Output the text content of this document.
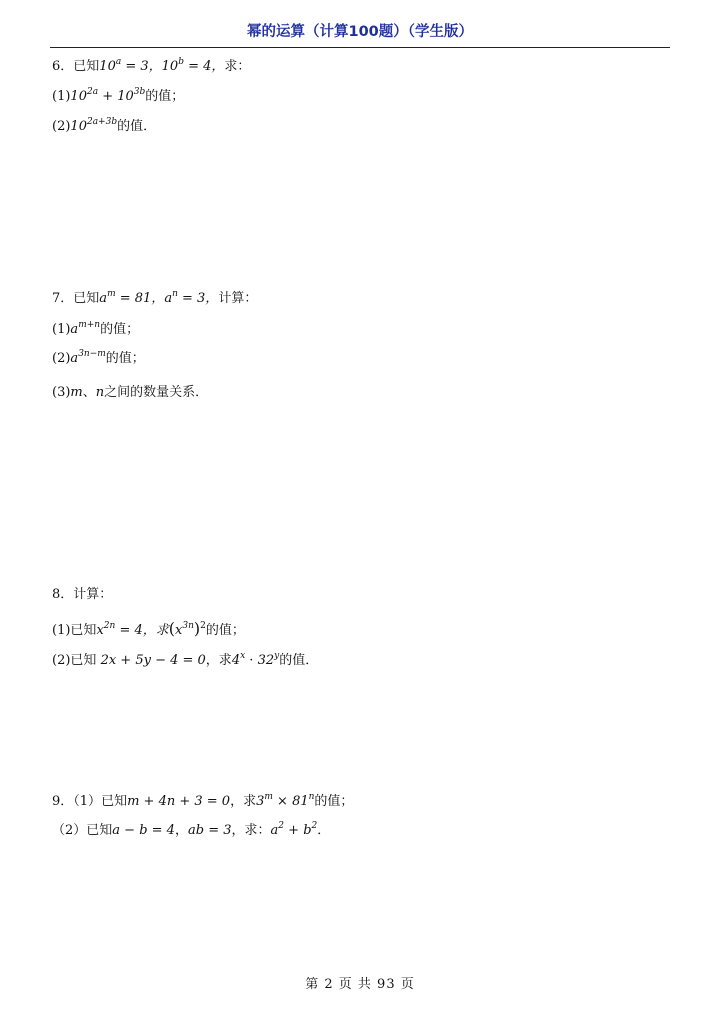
幂的运算（计算100题）（学生版）
6．已知$10^a = 3$，$10^b = 4$，求：
$(1)10^{2a} + 10^{3b}$的值；
$(2)10^{2a+3b}$的值．
7．已知$a^m = 81$，$a^n = 3$，计算：
$(1)a^{m+n}$的值；
$(2)a^{3n-m}$的值；
(3)m、n之间的数量关系．
8．计算：
(1)已知$x^{2n} = 4$，求$(x^{3n})^2$的值；
(2)已知 2x + 5y − 4 = 0，求$4^x \cdot 32^y$的值．
9．（1）已知m + 4n + 3 = 0，求$3^m \times 81^n$的值；
（2）已知a − b = 4，ab = 3，求：$a^2 + b^2$．
第 2 页 共 93 页
